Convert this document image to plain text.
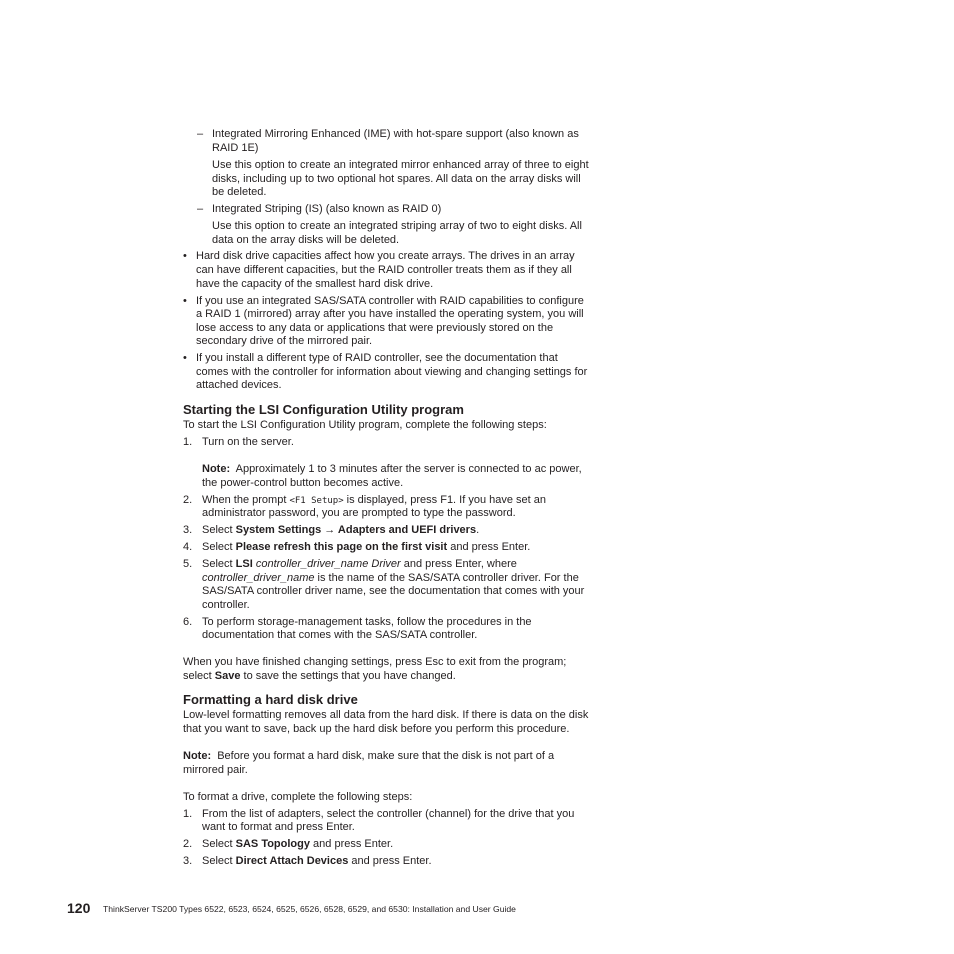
120 ThinkServer TS200 Types 6522, 6523, 6524, 6525, 6526, 6528, 6529, and 6530: Installation and User Guide
– Integrated Mirroring Enhanced (IME) with hot-spare support (also known as
RAID 1E)
Use this option to create an integrated mirror enhanced array of three to eight
disks, including up to two optional hot spares. All data on the array disks will
be deleted.
– Integrated Striping (IS) (also known as RAID 0)
Use this option to create an integrated striping array of two to eight disks. All
data on the array disks will be deleted.
• Hard disk drive capacities affect how you create arrays. The drives in an array
can have different capacities, but the RAID controller treats them as if they all
have the capacity of the smallest hard disk drive.
• If you use an integrated SAS/SATA controller with RAID capabilities to configure
a RAID 1 (mirrored) array after you have installed the operating system, you will
lose access to any data or applications that were previously stored on the
secondary drive of the mirrored pair.
• If you install a different type of RAID controller, see the documentation that
comes with the controller for information about viewing and changing settings for
attached devices.
Starting the LSI Configuration Utility program
To start the LSI Configuration Utility program, complete the following steps:
1. Turn on the server.
Note:  Approximately 1 to 3 minutes after the server is connected to ac power,
the power-control button becomes active.
2. When the prompt <F1 Setup> is displayed, press F1. If you have set an
administrator password, you are prompted to type the password.
3. Select System Settings → Adapters and UEFI drivers.
4. Select Please refresh this page on the first visit and press Enter.
5. Select LSI controller_driver_name Driver and press Enter, where
controller_driver_name is the name of the SAS/SATA controller driver. For the
SAS/SATA controller driver name, see the documentation that comes with your
controller.
6. To perform storage-management tasks, follow the procedures in the
documentation that comes with the SAS/SATA controller.
When you have finished changing settings, press Esc to exit from the program;
select Save to save the settings that you have changed.
Formatting a hard disk drive
Low-level formatting removes all data from the hard disk. If there is data on the disk
that you want to save, back up the hard disk before you perform this procedure.
Note:  Before you format a hard disk, make sure that the disk is not part of a
mirrored pair.
To format a drive, complete the following steps:
1. From the list of adapters, select the controller (channel) for the drive that you
want to format and press Enter.
2. Select SAS Topology and press Enter.
3. Select Direct Attach Devices and press Enter.
